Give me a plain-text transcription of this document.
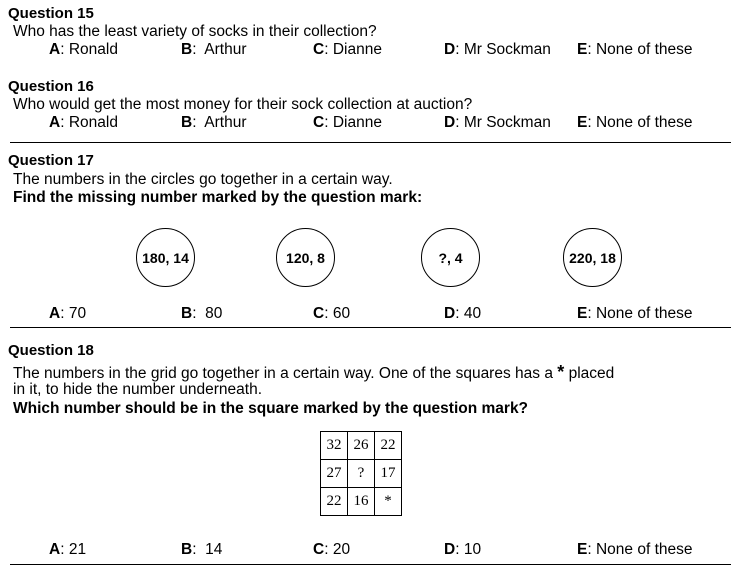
Question 15
Who has the least variety of socks in their collection?
A: Ronald	B: Arthur	C: Dianne	D: Mr Sockman E: None of these
Question 16
Who would get the most money for their sock collection at auction?
A: Ronald	B: Arthur	C: Dianne	D: Mr Sockman E: None of these
Question 17
The numbers in the circles go together in a certain way.
Find the missing number marked by the question mark:
180, 14	120, 8	?, 4	220, 18
A: 70	B: 80	C: 60	D: 40	E: None of these
Question 18
The numbers in the grid go together in a certain way. One of the squares has a * placed
in it, to hide the number underneath.
Which number should be in the square marked by the question mark?
32	26	22
27	?	17
22	16	*
A: 21	B: 14	C: 20	D: 10	E: None of these
